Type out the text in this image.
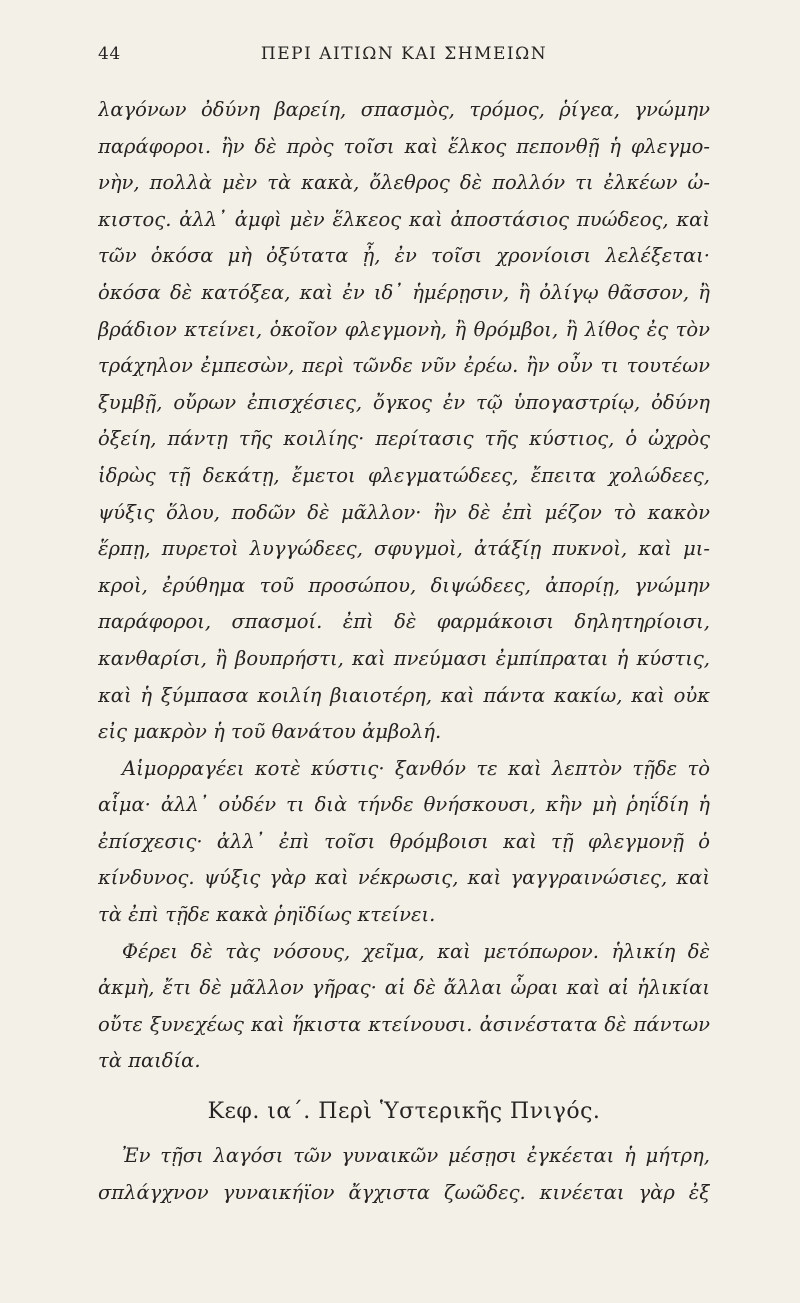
44	ΠΕΡΙ ΑΙΤΙΩΝ ΚΑΙ ΣΗΜΕΙΩΝ
λαγόνων ὀδύνη βαρείη, σπασμὸς, τρόμος, ῥίγεα, γνώμην
παράφοροι. ἢν δὲ πρὸς τοῖσι καὶ ἕλκος πεπονθῇ ἡ φλεγμο-
νὴν, πολλὰ μὲν τὰ κακὰ, ὄλεθρος δὲ πολλόν τι ἐλκέων ὠ-
κιστος. ἀλλ᾽ ἀμφὶ μὲν ἕλκεος καὶ ἀποστάσιος πυώδεος, καὶ
τῶν ὁκόσα μὴ ὀξύτατα ᾖ, ἐν τοῖσι χρονίοισι λελέξεται·
ὁκόσα δὲ κατόξεα, καὶ ἐν ιδ᾽ ἡμέρῃσιν, ἢ ὀλίγῳ θᾶσσον, ἢ
βράδιον κτείνει, ὁκοῖον φλεγμονὴ, ἢ θρόμβοι, ἢ λίθος ἐς τὸν
τράχηλον ἐμπεσὼν, περὶ τῶνδε νῦν ἐρέω. ἢν οὖν τι τουτέων
ξυμβῇ, οὔρων ἐπισχέσιες, ὄγκος ἐν τῷ ὑπογαστρίῳ, ὀδύνη
ὀξείη, πάντῃ τῆς κοιλίης· περίτασις τῆς κύστιος, ὁ ὠχρὸς
ἱδρὼς τῇ δεκάτῃ, ἔμετοι φλεγματώδεες, ἔπειτα χολώδεες,
ψύξις ὅλου, ποδῶν δὲ μᾶλλον· ἢν δὲ ἐπὶ μέζον τὸ κακὸν
ἕρπῃ, πυρετοὶ λυγγώδεες, σφυγμοὶ, ἀτάξίῃ πυκνοὶ, καὶ μι-
κροὶ, ἐρύθημα τοῦ προσώπου, διψώδεες, ἀπορίῃ, γνώμην
παράφοροι, σπασμοί. ἐπὶ δὲ φαρμάκοισι δηλητηρίοισι,
κανθαρίσι, ἢ βουπρήστι, καὶ πνεύμασι ἐμπίπραται ἡ κύστις,
καὶ ἡ ξύμπασα κοιλίη βιαιοτέρη, καὶ πάντα κακίω, καὶ οὐκ
εἰς μακρὸν ἡ τοῦ θανάτου ἀμβολή.
Αἱμορραγέει κοτὲ κύστις· ξανθόν τε καὶ λεπτὸν τῇδε τὸ
αἷμα· ἀλλ᾽ οὐδέν τι διὰ τήνδε θνήσκουσι, κἢν μὴ ῥηΐδίη ἡ
ἐπίσχεσις· ἀλλ᾽ ἐπὶ τοῖσι θρόμβοισι καὶ τῇ φλεγμονῇ ὁ
κίνδυνος. ψύξις γὰρ καὶ νέκρωσις, καὶ γαγγραινώσιες, καὶ
τὰ ἐπὶ τῇδε κακὰ ῥηϊδίως κτείνει.
Φέρει δὲ τὰς νόσους, χεῖμα, καὶ μετόπωρον. ἡλικίη δὲ
ἀκμὴ, ἔτι δὲ μᾶλλον γῆρας· αἱ δὲ ἄλλαι ὧραι καὶ αἱ ἡλικίαι
οὔτε ξυνεχέως καὶ ἥκιστα κτείνουσι. ἀσινέστατα δὲ πάντων
τὰ παιδία.
Κεφ. ια΄. Περὶ Ὑστερικῆς Πνιγός.
Ἐν τῇσι λαγόσι τῶν γυναικῶν μέσῃσι ἐγκέεται ἡ μήτρη,
σπλάγχνον γυναικήϊον ἄγχιστα ζωῶδες. κινέεται γὰρ ἐξ
